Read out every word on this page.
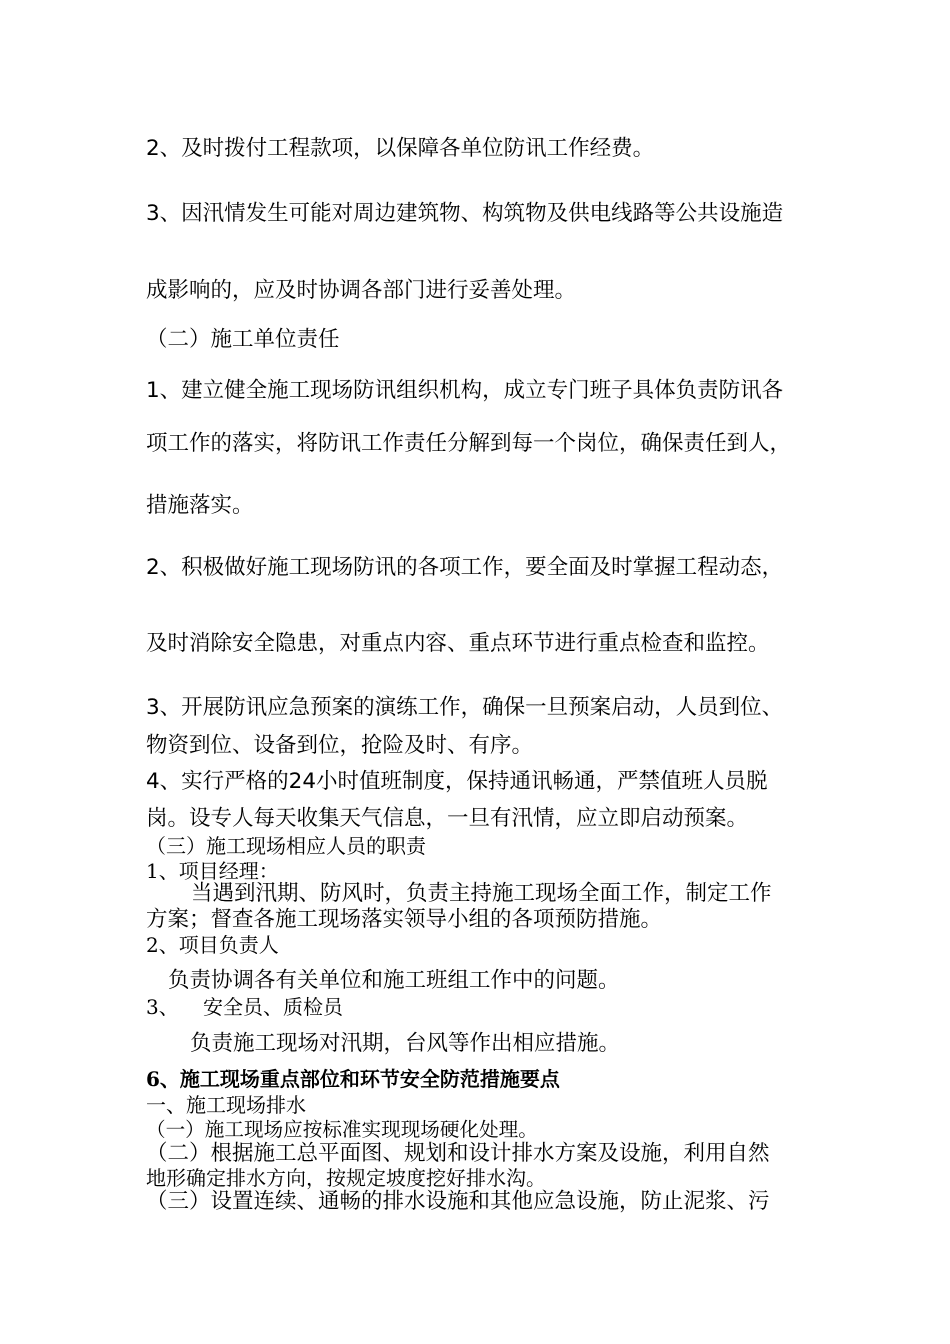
2、及时拨付工程款项，以保障各单位防讯工作经费。

3、因汛情发生可能对周边建筑物、构筑物及供电线路等公共设施造

成影响的，应及时协调各部门进行妥善处理。

（二）施工单位责任

1、建立健全施工现场防讯组织机构，成立专门班子具体负责防讯各

项工作的落实，将防讯工作责任分解到每一个岗位，确保责任到人，

措施落实。

2、积极做好施工现场防讯的各项工作，要全面及时掌握工程动态，

及时消除安全隐患，对重点内容、重点环节进行重点检查和监控。

3、开展防讯应急预案的演练工作，确保一旦预案启动，人员到位、

物资到位、设备到位，抢险及时、有序。

4、实行严格的24小时值班制度，保持通讯畅通，严禁值班人员脱

岗。设专人每天收集天气信息，一旦有汛情，应立即启动预案。

（三）施工现场相应人员的职责

1、项目经理：

当遇到汛期、防风时，负责主持施工现场全面工作，制定工作

方案；督查各施工现场落实领导小组的各项预防措施。

2、项目负责人

负责协调各有关单位和施工班组工作中的问题。

3、 安全员、质检员

负责施工现场对汛期，台风等作出相应措施。

6、施工现场重点部位和环节安全防范措施要点

一、施工现场排水

（一）施工现场应按标准实现现场硬化处理。

（二）根据施工总平面图、规划和设计排水方案及设施，利用自然

地形确定排水方向，按规定坡度挖好排水沟。

（三）设置连续、通畅的排水设施和其他应急设施，防止泥浆、污
